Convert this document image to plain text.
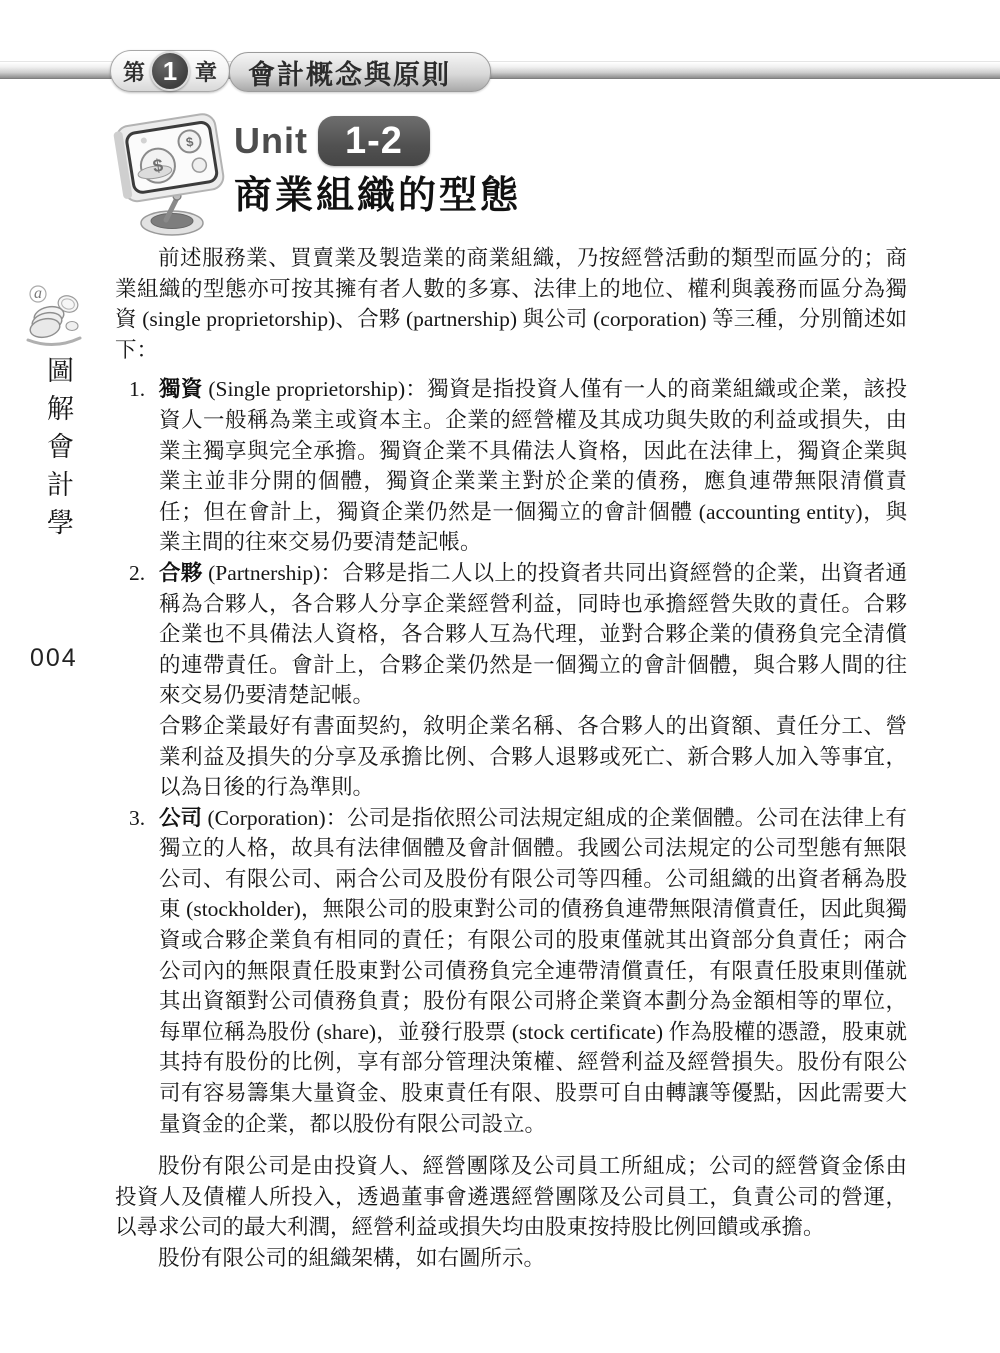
第 1 章 會計概念與原則
$
$ Unit 1-2
商業組織的型態
a
圖解會計學
004
前述服務業、買賣業及製造業的商業組織，乃按經營活動的類型而區分的；商業組織的型態亦可按其擁有者人數的多寡、法律上的地位、權利與義務而區分為獨資 (single proprietorship)、合夥 (partnership) 與公司 (corporation) 等三種，分別簡述如下：
1. 獨資 (Single proprietorship)：獨資是指投資人僅有一人的商業組織或企業，該投資人一般稱為業主或資本主。企業的經營權及其成功與失敗的利益或損失，由業主獨享與完全承擔。獨資企業不具備法人資格，因此在法律上，獨資企業與業主並非分開的個體，獨資企業業主對於企業的債務，應負連帶無限清償責任；但在會計上，獨資企業仍然是一個獨立的會計個體 (accounting entity)，與業主間的往來交易仍要清楚記帳。
2. 合夥 (Partnership)：合夥是指二人以上的投資者共同出資經營的企業，出資者通稱為合夥人，各合夥人分享企業經營利益，同時也承擔經營失敗的責任。合夥企業也不具備法人資格，各合夥人互為代理，並對合夥企業的債務負完全清償的連帶責任。會計上，合夥企業仍然是一個獨立的會計個體，與合夥人間的往來交易仍要清楚記帳。
合夥企業最好有書面契約，敘明企業名稱、各合夥人的出資額、責任分工、營業利益及損失的分享及承擔比例、合夥人退夥或死亡、新合夥人加入等事宜，以為日後的行為準則。
3. 公司 (Corporation)：公司是指依照公司法規定組成的企業個體。公司在法律上有獨立的人格，故具有法律個體及會計個體。我國公司法規定的公司型態有無限公司、有限公司、兩合公司及股份有限公司等四種。公司組織的出資者稱為股東 (stockholder)，無限公司的股東對公司的債務負連帶無限清償責任，因此與獨資或合夥企業負有相同的責任；有限公司的股東僅就其出資部分負責任；兩合公司內的無限責任股東對公司債務負完全連帶清償責任，有限責任股東則僅就其出資額對公司債務負責；股份有限公司將企業資本劃分為金額相等的單位，每單位稱為股份 (share)，並發行股票 (stock certificate) 作為股權的憑證，股東就其持有股份的比例，享有部分管理決策權、經營利益及經營損失。股份有限公司有容易籌集大量資金、股東責任有限、股票可自由轉讓等優點，因此需要大量資金的企業，都以股份有限公司設立。
股份有限公司是由投資人、經營團隊及公司員工所組成；公司的經營資金係由投資人及債權人所投入，透過董事會遴選經營團隊及公司員工，負責公司的營運，以尋求公司的最大利潤，經營利益或損失均由股東按持股比例回饋或承擔。
股份有限公司的組織架構，如右圖所示。
